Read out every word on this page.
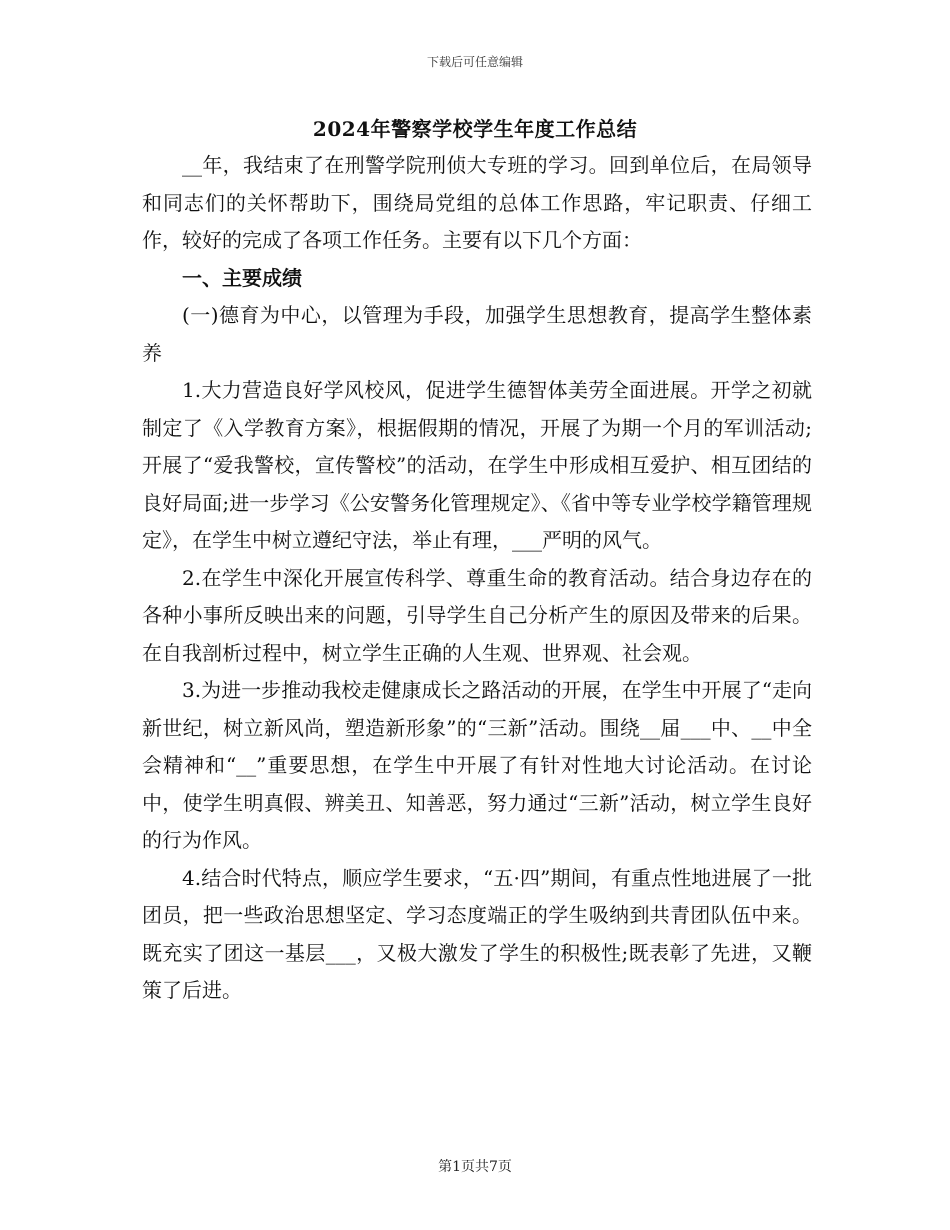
下载后可任意编辑
2024年警察学校学生年度工作总结

__年，我结束了在刑警学院刑侦大专班的学习。回到单位后，在局领导和同志们的关怀帮助下，围绕局党组的总体工作思路，牢记职责、仔细工作，较好的完成了各项工作任务。主要有以下几个方面：

一、主要成绩

(一)德育为中心，以管理为手段，加强学生思想教育，提高学生整体素养

1.大力营造良好学风校风，促进学生德智体美劳全面进展。开学之初就制定了《入学教育方案》，根据假期的情况，开展了为期一个月的军训活动;开展了“爱我警校，宣传警校”的活动，在学生中形成相互爱护、相互团结的良好局面;进一步学习《公安警务化管理规定》、《省中等专业学校学籍管理规定》，在学生中树立遵纪守法，举止有理，___严明的风气。

2.在学生中深化开展宣传科学、尊重生命的教育活动。结合身边存在的各种小事所反映出来的问题，引导学生自己分析产生的原因及带来的后果。在自我剖析过程中，树立学生正确的人生观、世界观、社会观。

3.为进一步推动我校走健康成长之路活动的开展，在学生中开展了“走向新世纪，树立新风尚，塑造新形象”的“三新”活动。围绕__届___中、__中全会精神和“__”重要思想，在学生中开展了有针对性地大讨论活动。在讨论中，使学生明真假、辨美丑、知善恶，努力通过“三新”活动，树立学生良好的行为作风。

4.结合时代特点，顺应学生要求，“五·四”期间，有重点性地进展了一批团员，把一些政治思想坚定、学习态度端正的学生吸纳到共青团队伍中来。既充实了团这一基层___，又极大激发了学生的积极性;既表彰了先进，又鞭策了后进。

第1页共7页
